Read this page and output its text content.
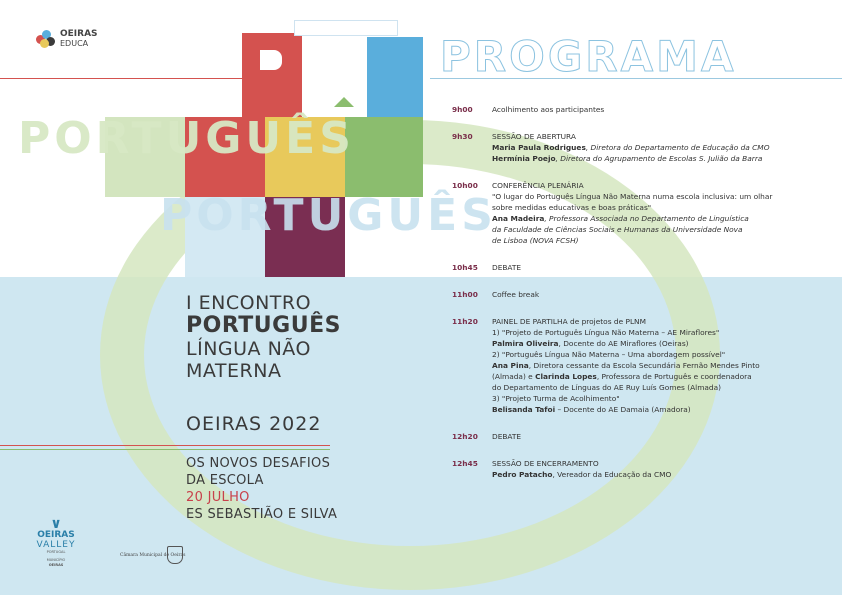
OEIRAS
EDUCA
PORTUGUÊS
PORTUGUÊS
PROGRAMA
I ENCONTRO
PORTUGUÊS
LÍNGUA NÃO
MATERNA
OEIRAS 2022
OS NOVOS DESAFIOS
DA ESCOLA
20 JULHO
ES SEBASTIÃO E SILVA
9h00	Acolhimento aos participantes
9h30	SESSÃO DE ABERTURA
Maria Paula Rodrigues, Diretora do Departamento de Educação da CMO
Hermínia Poejo, Diretora do Agrupamento de Escolas S. Julião da Barra
10h00	CONFERÊNCIA PLENÁRIA
"O lugar do Português Língua Não Materna numa escola inclusiva: um olhar
sobre medidas educativas e boas práticas"
Ana Madeira, Professora Associada no Departamento de Linguística
da Faculdade de Ciências Sociais e Humanas da Universidade Nova
de Lisboa (NOVA FCSH)
10h45	DEBATE
11h00	Coffee break
11h20	PAINEL DE PARTILHA de projetos de PLNM
1) "Projeto de Português Língua Não Materna – AE Miraflores"
Palmira Oliveira, Docente do AE Miraflores (Oeiras)
2) "Português Língua Não Materna – Uma abordagem possível"
Ana Pina, Diretora cessante da Escola Secundária Fernão Mendes Pinto
(Almada) e Clarinda Lopes, Professora de Português e coordenadora
do Departamento de Línguas do AE Ruy Luís Gomes (Almada)
3) "Projeto Turma de Acolhimento"
Belisanda Tafoi – Docente do AE Damaia (Amadora)
12h20	DEBATE
12h45	SESSÃO DE ENCERRAMENTO
Pedro Patacho, Vereador da Educação da CMO
∨
OEIRAS
VALLEY
PORTUGAL
MUNICÍPIO
OEIRAS
Câmara Municipal de Oeiras
